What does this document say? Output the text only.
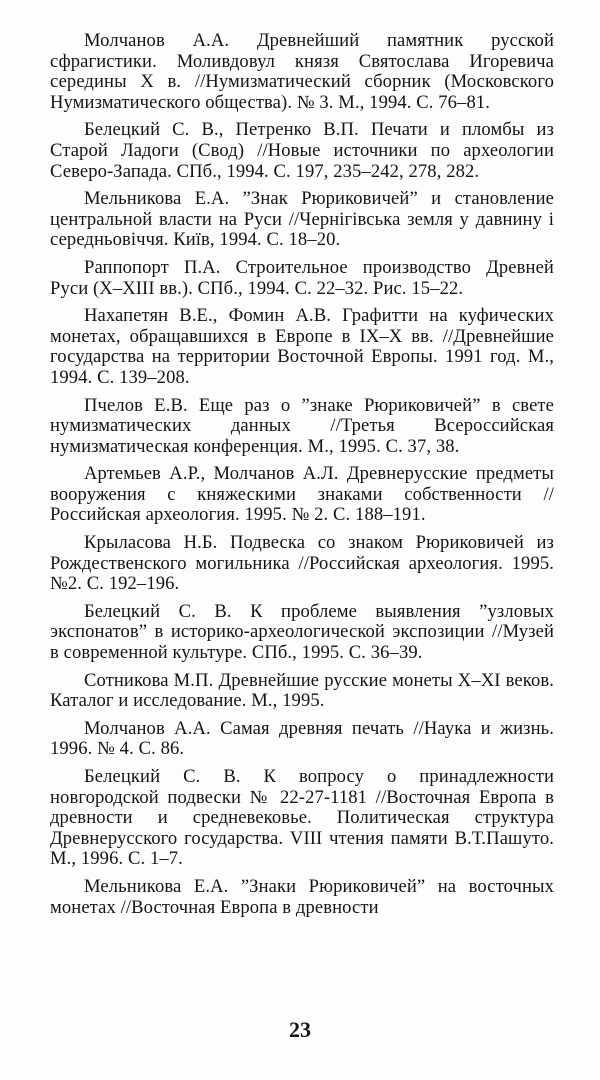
Молчанов А.А. Древнейший памятник русской сфрагистики. Моливдовул князя Святослава Игоревича середины X в. //Нумизматический сборник (Московского Нумизматического общества). № 3. М., 1994. С. 76–81.

Белецкий С. В., Петренко В.П. Печати и пломбы из Старой Ладоги (Свод) //Новые источники по археологии Северо-Запада. СПб., 1994. С. 197, 235–242, 278, 282.

Мельникова Е.А. ”Знак Рюриковичей” и становление центральной власти на Руси //Чернiгiвська земля у давнину i середньовiччя. Киïв, 1994. С. 18–20.

Раппопорт П.А. Строительное производство Древней Руси (X–XIII вв.). СПб., 1994. С. 22–32. Рис. 15–22.

Нахапетян В.Е., Фомин А.В. Графитти на куфических монетах, обращавшихся в Европе в IX–X вв. //Древнейшие государства на территории Восточной Европы. 1991 год. М., 1994. С. 139–208.

Пчелов Е.В. Еще раз о ”знаке Рюриковичей” в свете нумизматических данных //Третья Всероссийская нумизматическая конференция. М., 1995. С. 37, 38.

Артемьев А.Р., Молчанов А.Л. Древнерусские предметы вооружения с княжескими знаками собственности //Российская археология. 1995. № 2. С. 188–191.

Крыласова Н.Б. Подвеска со знаком Рюриковичей из Рождественского могильника //Российская археология. 1995. №2. С. 192–196.

Белецкий С. В. К проблеме выявления ”узловых экспонатов” в историко-археологической экспозиции //Музей в современной культуре. СПб., 1995. С. 36–39.

Сотникова М.П. Древнейшие русские монеты X–XI веков. Каталог и исследование. М., 1995.

Молчанов А.А. Самая древняя печать //Наука и жизнь. 1996. № 4. С. 86.

Белецкий С. В. К вопросу о принадлежности новгородской подвески № 22-27-1181 //Восточная Европа в древности и средневековье. Политическая структура Древнерусского государства. VIII чтения памяти В.Т.Пашуто. М., 1996. С. 1–7.

Мельникова Е.А. ”Знаки Рюриковичей” на восточных монетах //Восточная Европа в древности

23
